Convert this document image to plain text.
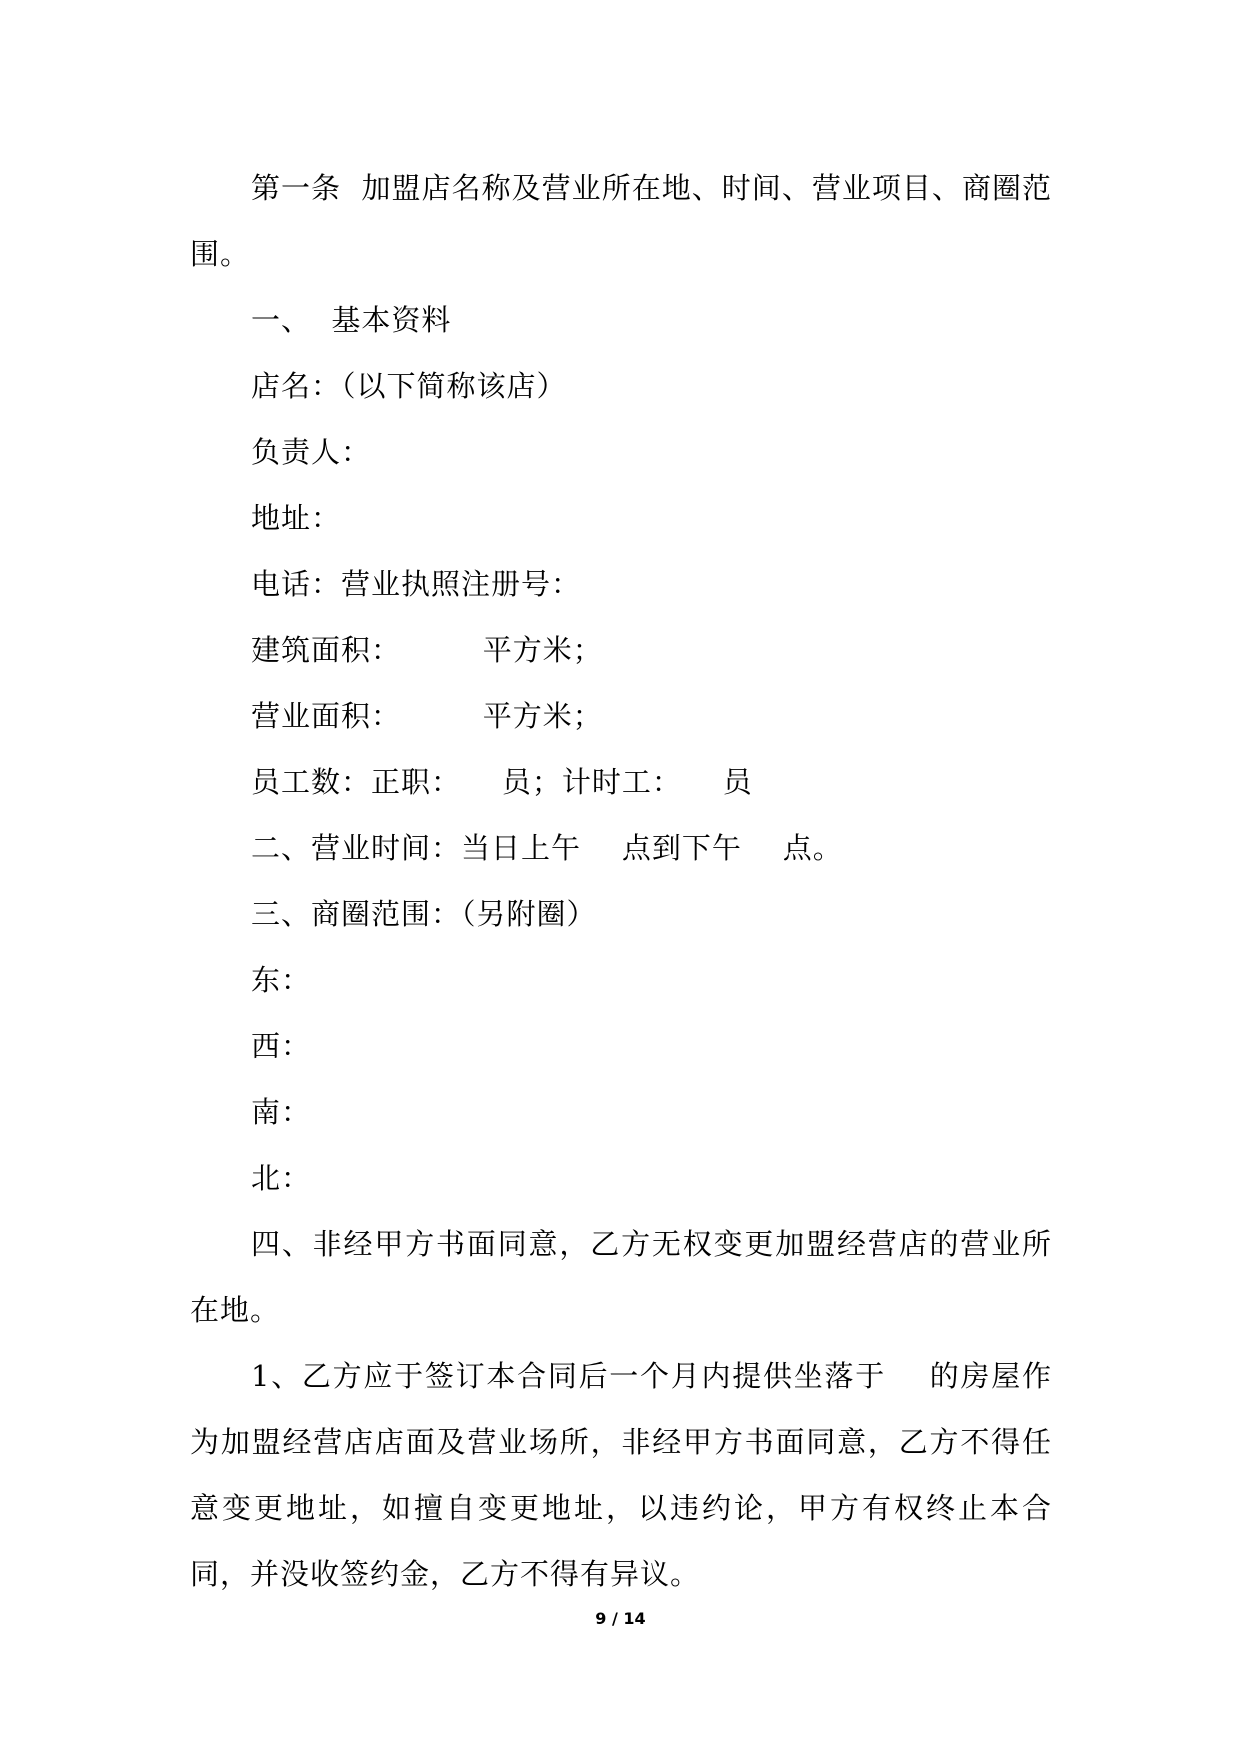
第一条  加盟店名称及营业所在地、时间、营业项目、商圈范围。

一、  基本资料

店名：（以下简称该店）

负责人：

地址：

电话：营业执照注册号：

建筑面积：        平方米；

营业面积：        平方米；

员工数：正职：    员；计时工：    员

二、营业时间：当日上午    点到下午    点。

三、商圈范围：（另附圈）

东：

西：

南：

北：

四、非经甲方书面同意，乙方无权变更加盟经营店的营业所在地。

1、乙方应于签订本合同后一个月内提供坐落于    的房屋作为加盟经营店店面及营业场所，非经甲方书面同意，乙方不得任意变更地址，如擅自变更地址，以违约论，甲方有权终止本合同，并没收签约金，乙方不得有异议。

9 / 14
